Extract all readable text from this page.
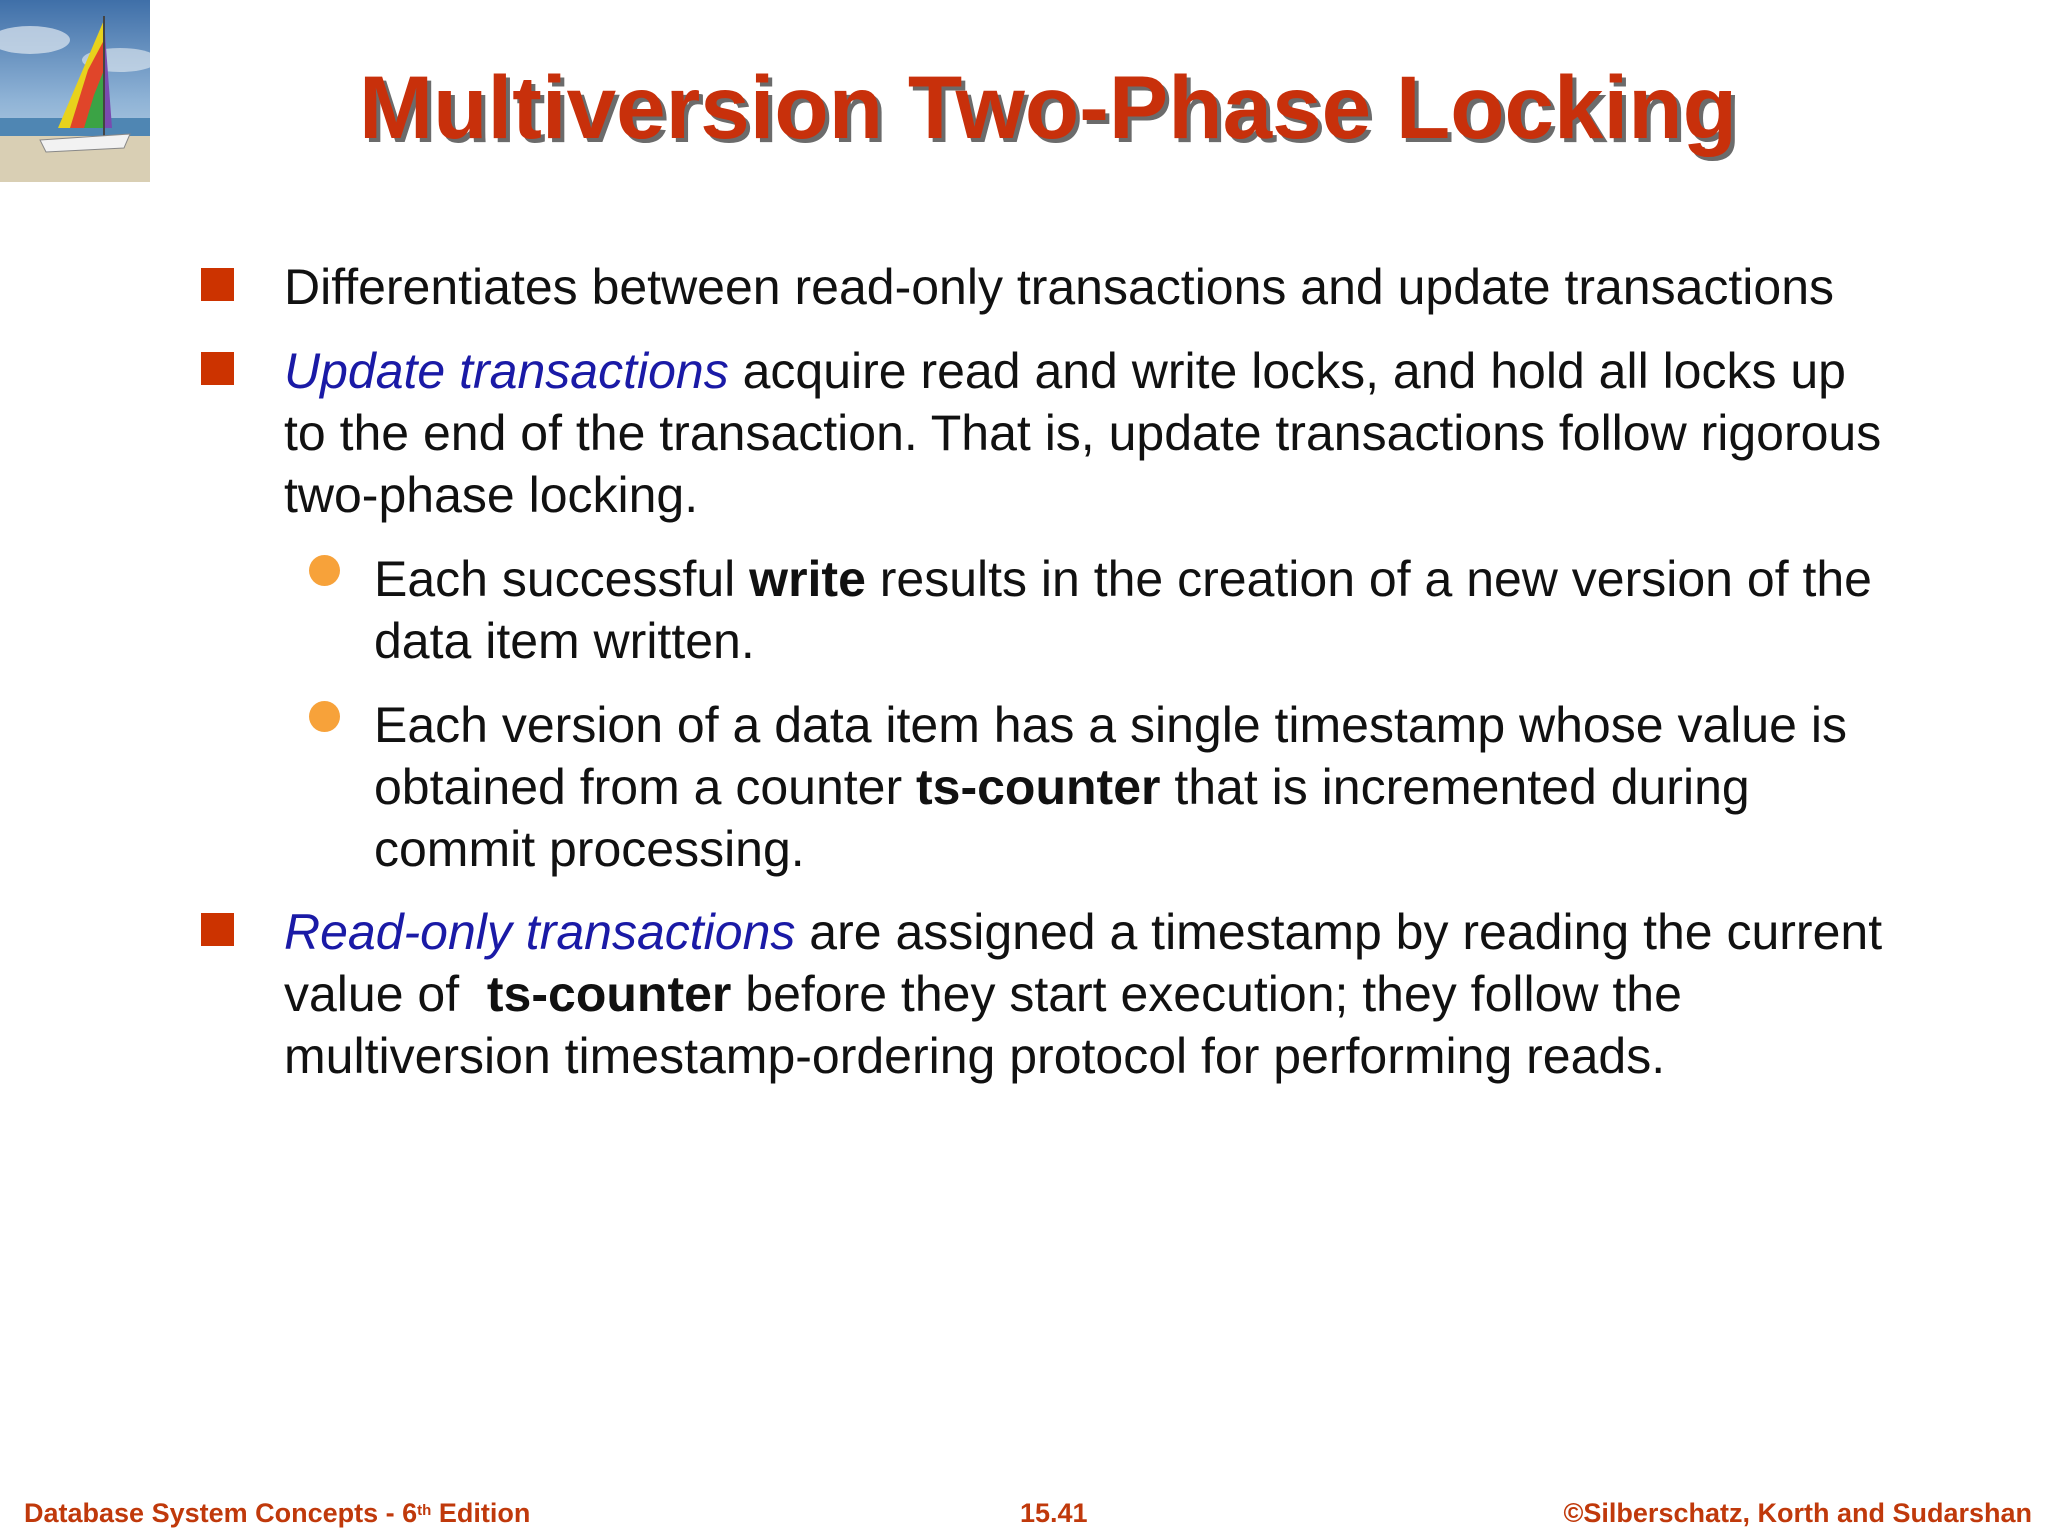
Multiversion Two-Phase Locking
Differentiates between read-only transactions and update transactions
Update transactions acquire read and write locks, and hold all locks up
to the end of the transaction. That is, update transactions follow rigorous
two-phase locking.
Each successful write results in the creation of a new version of the
data item written.
Each version of a data item has a single timestamp whose value is
obtained from a counter ts-counter that is incremented during
commit processing.
Read-only transactions are assigned a timestamp by reading the current
value of  ts-counter before they start execution; they follow the
multiversion timestamp-ordering protocol for performing reads.
Database System Concepts - 6th Edition	15.41	©Silberschatz, Korth and Sudarshan
